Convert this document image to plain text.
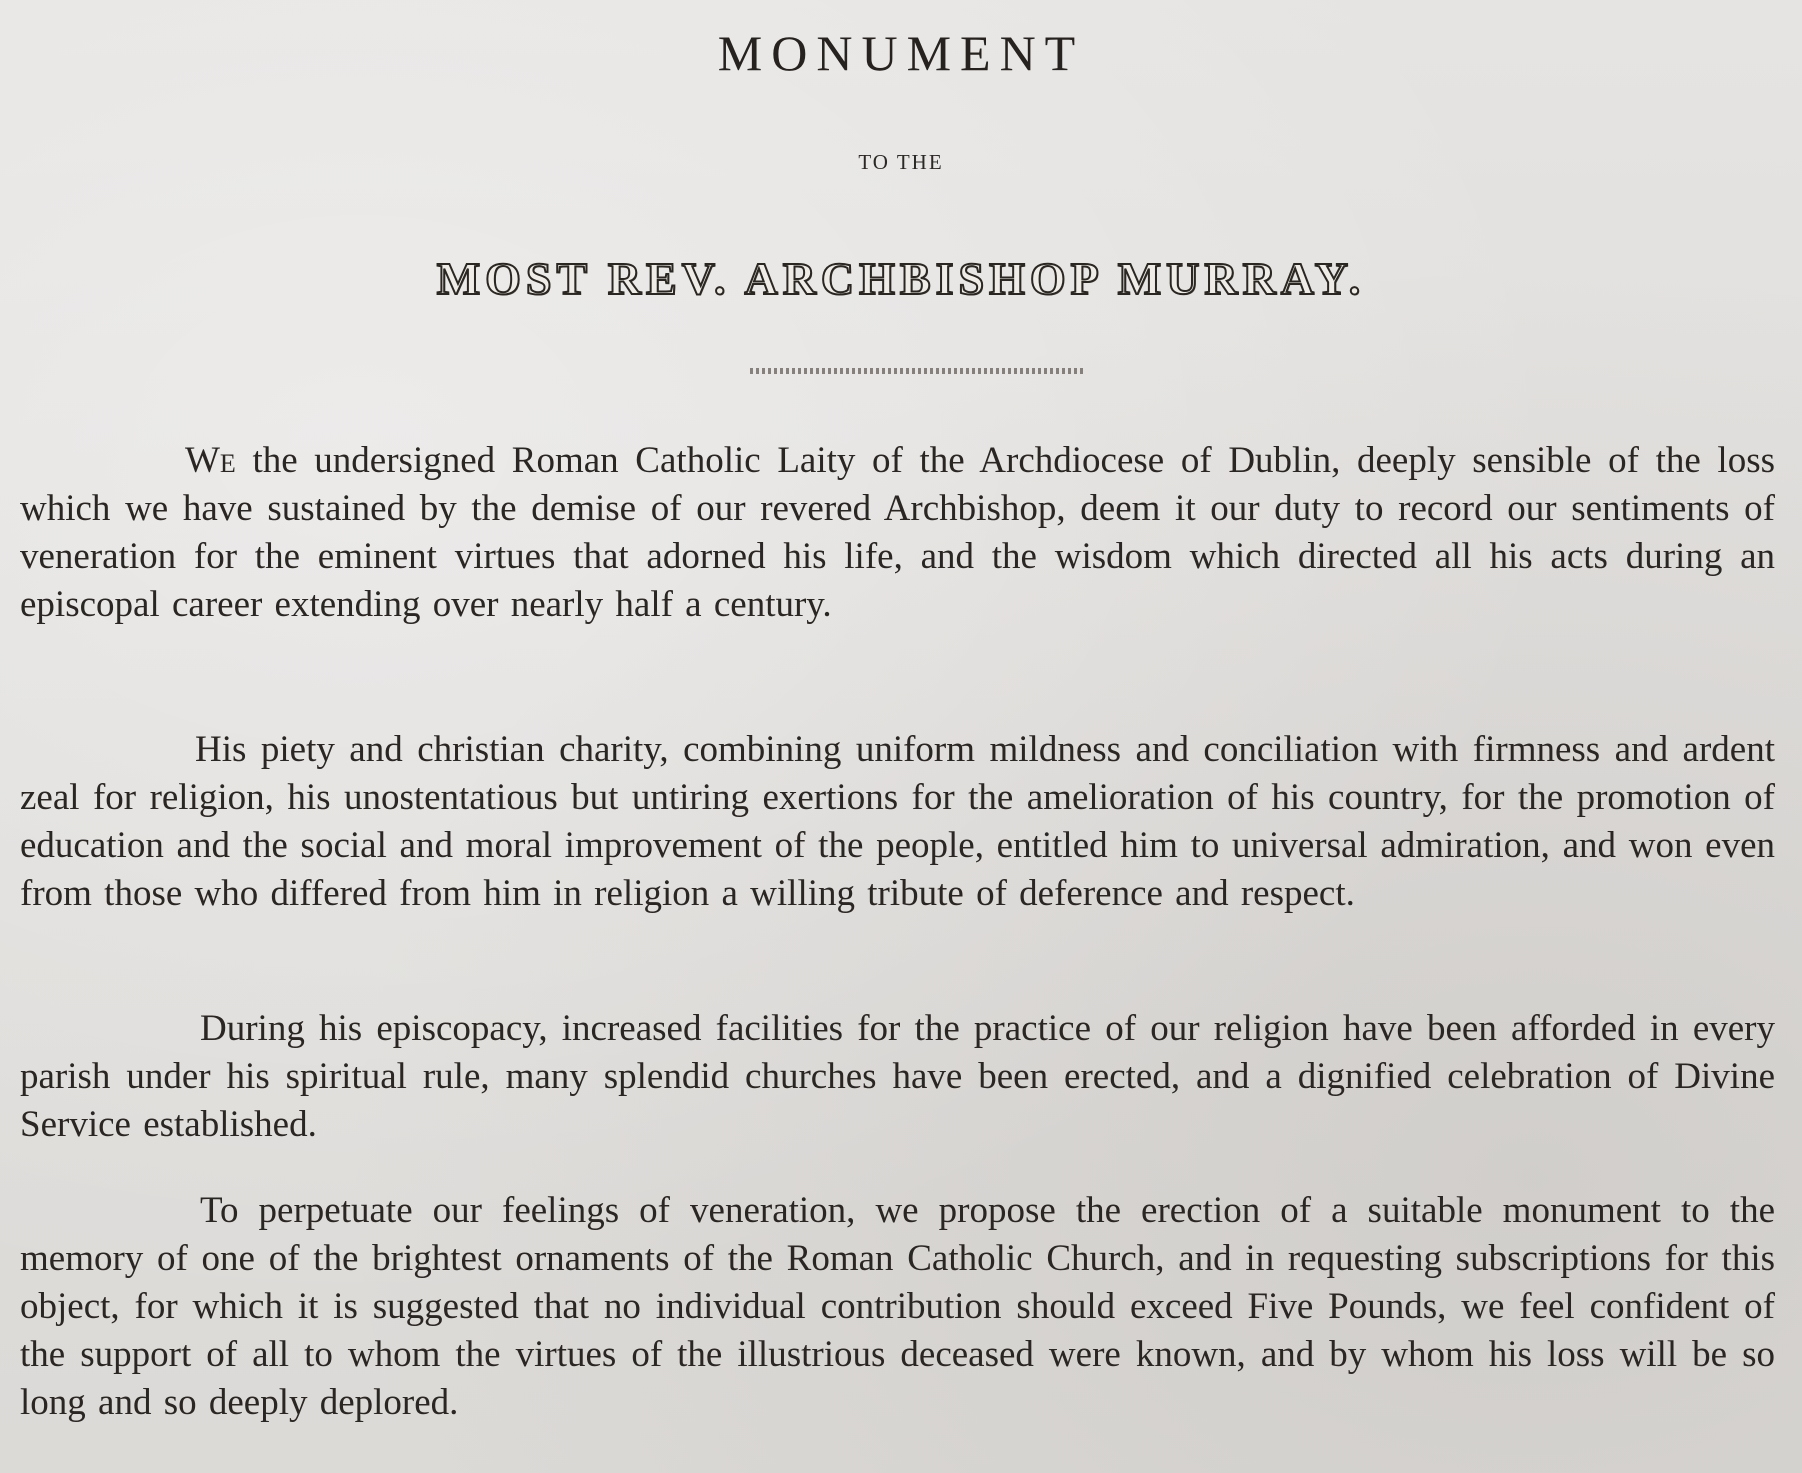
MONUMENT
TO THE
MOST REV. ARCHBISHOP MURRAY.

We the undersigned Roman Catholic Laity of the Archdiocese of Dublin, deeply sensible of the loss which we have sustained by the demise of our revered Archbishop, deem it our duty to record our sentiments of veneration for the eminent virtues that adorned his life, and the wisdom which directed all his acts during an episcopal career extending over nearly half a century.

His piety and christian charity, combining uniform mildness and conciliation with firmness and ardent zeal for religion, his unostentatious but untiring exertions for the amelioration of his country, for the promotion of education and the social and moral improvement of the people, entitled him to universal admiration, and won even from those who differed from him in religion a willing tribute of deference and respect.

During his episcopacy, increased facilities for the practice of our religion have been afforded in every parish under his spiritual rule, many splendid churches have been erected, and a dignified celebration of Divine Service established.

To perpetuate our feelings of veneration, we propose the erection of a suitable monument to the memory of one of the brightest ornaments of the Roman Catholic Church, and in requesting subscriptions for this object, for which it is suggested that no individual contribution should exceed Five Pounds, we feel confident of the support of all to whom the virtues of the illustrious deceased were known, and by whom his loss will be so long and so deeply deplored.
